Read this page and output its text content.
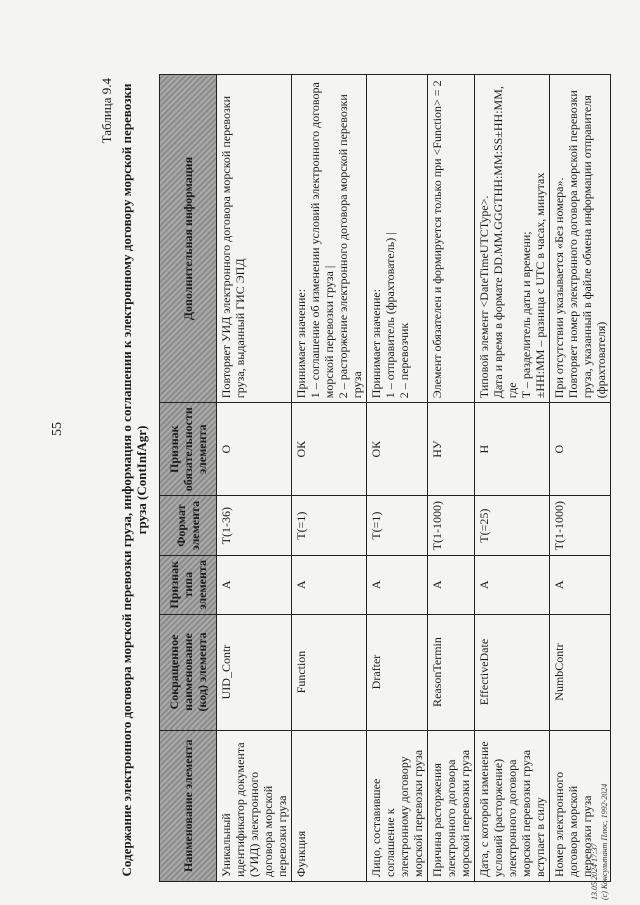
55
Таблица 9.4 Содержание электронного договора морской перевозки груза, информация о соглашении к электронному договору морской перевозки груза (ContInfAgr)
Наименование элемента	Сокращенное наименование (код) элемента	Признак типа элемента	Формат элемента	Признак обязательности элемента	Дополнительная информация
Уникальный идентификатор документа (УИД) электронного договора морской перевозки груза	UID_Contr	А	T(1-36)	О	Повторяет УИД электронного договора морской перевозки груза, выданный ГИС ЭПД

Функция	Function	А	T(=1)	ОК	Принимает значение: 1 – соглашение об изменении условий электронного договора морской перевозки груза | 2 – расторжение электронного договора морской перевозки груза

Лицо, составившее соглашение к электронному договору морской перевозки груза	Drafter	А	T(=1)	ОК	Принимает значение: 1 – отправитель (фрахтователь) | 2 – перевозчик

Причина расторжения электронного договора морской перевозки груза	ReasonTermin	А	T(1-1000)	НУ	Элемент обязателен и формируется только при <Function> = 2

Дата, с которой изменение условий (расторжение) электронного договора морской перевозки груза вступает в силу	EffectiveDate	А	T(=25)	Н	Типовой элемент <DateTimeUTCType>. Дата и время в формате DD.MM.GGGTHH:MM:SS±HH:MM, где T – разделитель даты и времени; ±HH:MM – разница с UTC в часах, минутах

Номер электронного договора морской перевозки груза	NumbContr	А	T(1-1000)	О	При отсутствии указывается «Без номера». Повторяет номер электронного договора морской перевозки груза, указанный в файле обмена информации отправителя (фрахтователя)
13.05.2024 17:37 (c) Консультант Плюс, 1992-2024
